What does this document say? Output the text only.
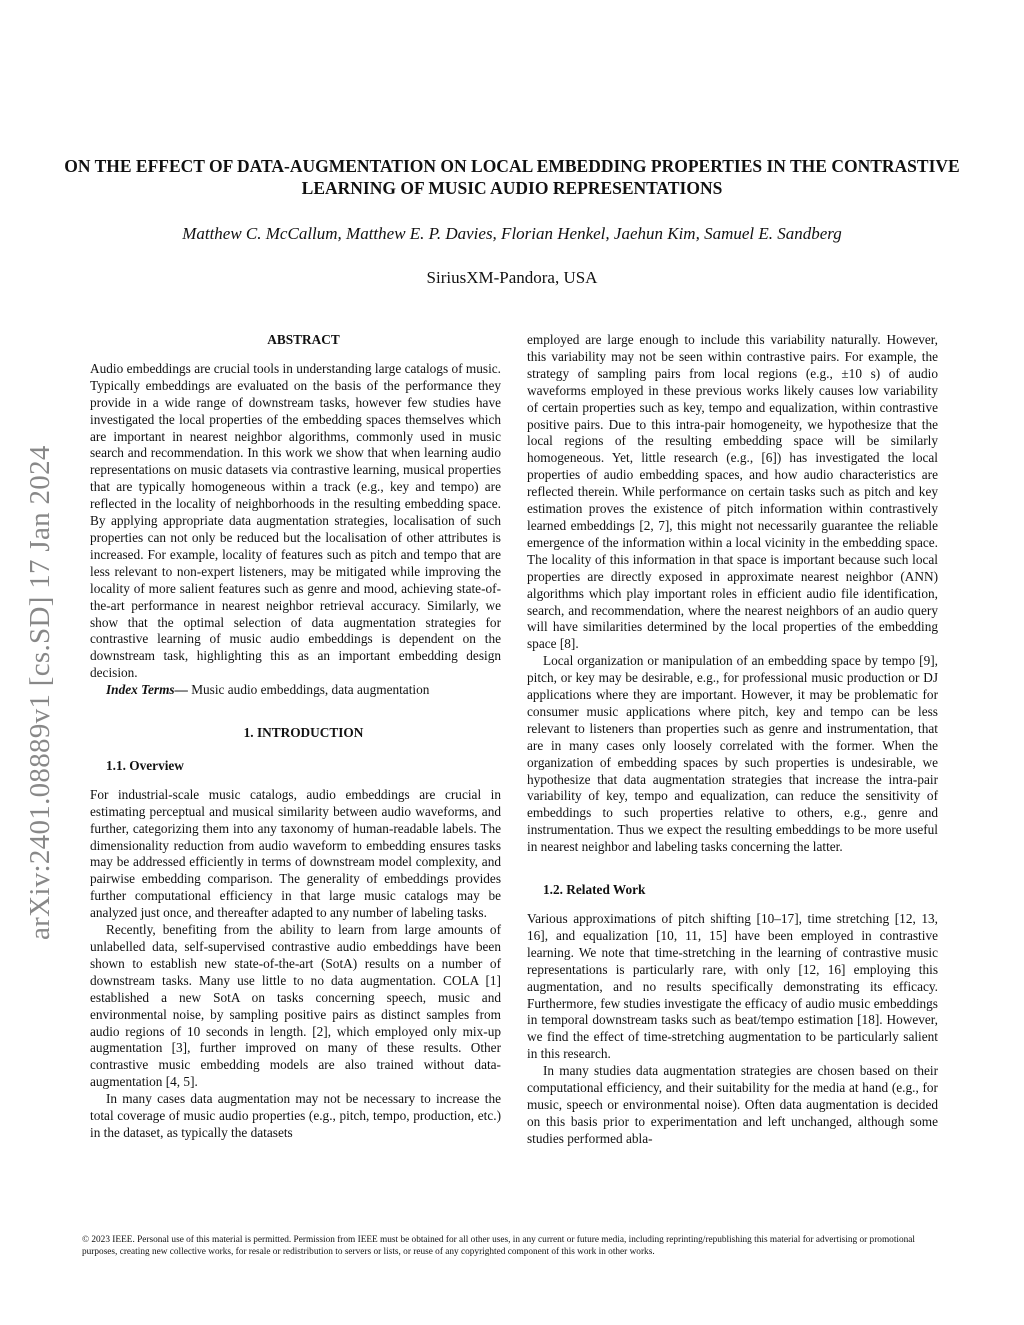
arXiv:2401.08889v1 [cs.SD] 17 Jan 2024
ON THE EFFECT OF DATA-AUGMENTATION ON LOCAL EMBEDDING PROPERTIES IN THE CONTRASTIVE LEARNING OF MUSIC AUDIO REPRESENTATIONS
Matthew C. McCallum, Matthew E. P. Davies, Florian Henkel, Jaehun Kim, Samuel E. Sandberg
SiriusXM-Pandora, USA

ABSTRACT

Audio embeddings are crucial tools in understanding large catalogs of music. Typically embeddings are evaluated on the basis of the performance they provide in a wide range of downstream tasks, however few studies have investigated the local properties of the embedding spaces themselves which are important in nearest neighbor algorithms, commonly used in music search and recommendation. In this work we show that when learning audio representations on music datasets via contrastive learning, musical properties that are typically homogeneous within a track (e.g., key and tempo) are reflected in the locality of neighborhoods in the resulting embedding space. By applying appropriate data augmentation strategies, localisation of such properties can not only be reduced but the localisation of other attributes is increased. For example, locality of features such as pitch and tempo that are less relevant to non-expert listeners, may be mitigated while improving the locality of more salient features such as genre and mood, achieving state-of-the-art performance in nearest neighbor retrieval accuracy. Similarly, we show that the optimal selection of data augmentation strategies for contrastive learning of music audio embeddings is dependent on the downstream task, highlighting this as an important embedding design decision.

Index Terms— Music audio embeddings, data augmentation

1. INTRODUCTION

1.1. Overview

For industrial-scale music catalogs, audio embeddings are crucial in estimating perceptual and musical similarity between audio waveforms, and further, categorizing them into any taxonomy of human-readable labels. The dimensionality reduction from audio waveform to embedding ensures tasks may be addressed efficiently in terms of downstream model complexity, and pairwise embedding comparison. The generality of embeddings provides further computational efficiency in that large music catalogs may be analyzed just once, and thereafter adapted to any number of labeling tasks.

Recently, benefiting from the ability to learn from large amounts of unlabelled data, self-supervised contrastive audio embeddings have been shown to establish new state-of-the-art (SotA) results on a number of downstream tasks. Many use little to no data augmentation. COLA [1] established a new SotA on tasks concerning speech, music and environmental noise, by sampling positive pairs as distinct samples from audio regions of 10 seconds in length. [2], which employed only mix-up augmentation [3], further improved on many of these results. Other contrastive music embedding models are also trained without data-augmentation [4, 5].

In many cases data augmentation may not be necessary to increase the total coverage of music audio properties (e.g., pitch, tempo, production, etc.) in the dataset, as typically the datasets

employed are large enough to include this variability naturally. However, this variability may not be seen within contrastive pairs. For example, the strategy of sampling pairs from local regions (e.g., ±10 s) of audio waveforms employed in these previous works likely causes low variability of certain properties such as key, tempo and equalization, within contrastive positive pairs. Due to this intra-pair homogeneity, we hypothesize that the local regions of the resulting embedding space will be similarly homogeneous. Yet, little research (e.g., [6]) has investigated the local properties of audio embedding spaces, and how audio characteristics are reflected therein. While performance on certain tasks such as pitch and key estimation proves the existence of pitch information within contrastively learned embeddings [2, 7], this might not necessarily guarantee the reliable emergence of the information within a local vicinity in the embedding space. The locality of this information in that space is important because such local properties are directly exposed in approximate nearest neighbor (ANN) algorithms which play important roles in efficient audio file identification, search, and recommendation, where the nearest neighbors of an audio query will have similarities determined by the local properties of the embedding space [8].

Local organization or manipulation of an embedding space by tempo [9], pitch, or key may be desirable, e.g., for professional music production or DJ applications where they are important. However, it may be problematic for consumer music applications where pitch, key and tempo can be less relevant to listeners than properties such as genre and instrumentation, that are in many cases only loosely correlated with the former. When the organization of embedding spaces by such properties is undesirable, we hypothesize that data augmentation strategies that increase the intra-pair variability of key, tempo and equalization, can reduce the sensitivity of embeddings to such properties relative to others, e.g., genre and instrumentation. Thus we expect the resulting embeddings to be more useful in nearest neighbor and labeling tasks concerning the latter.

1.2. Related Work

Various approximations of pitch shifting [10–17], time stretching [12, 13, 16], and equalization [10, 11, 15] have been employed in contrastive learning. We note that time-stretching in the learning of contrastive music representations is particularly rare, with only [12, 16] employing this augmentation, and no results specifically demonstrating its efficacy. Furthermore, few studies investigate the efficacy of audio music embeddings in temporal downstream tasks such as beat/tempo estimation [18]. However, we find the effect of time-stretching augmentation to be particularly salient in this research.

In many studies data augmentation strategies are chosen based on their computational efficiency, and their suitability for the media at hand (e.g., for music, speech or environmental noise). Often data augmentation is decided on this basis prior to experimentation and left unchanged, although some studies performed abla-

© 2023 IEEE. Personal use of this material is permitted. Permission from IEEE must be obtained for all other uses, in any current or future media, including reprinting/republishing this material for advertising or promotional purposes, creating new collective works, for resale or redistribution to servers or lists, or reuse of any copyrighted component of this work in other works.
